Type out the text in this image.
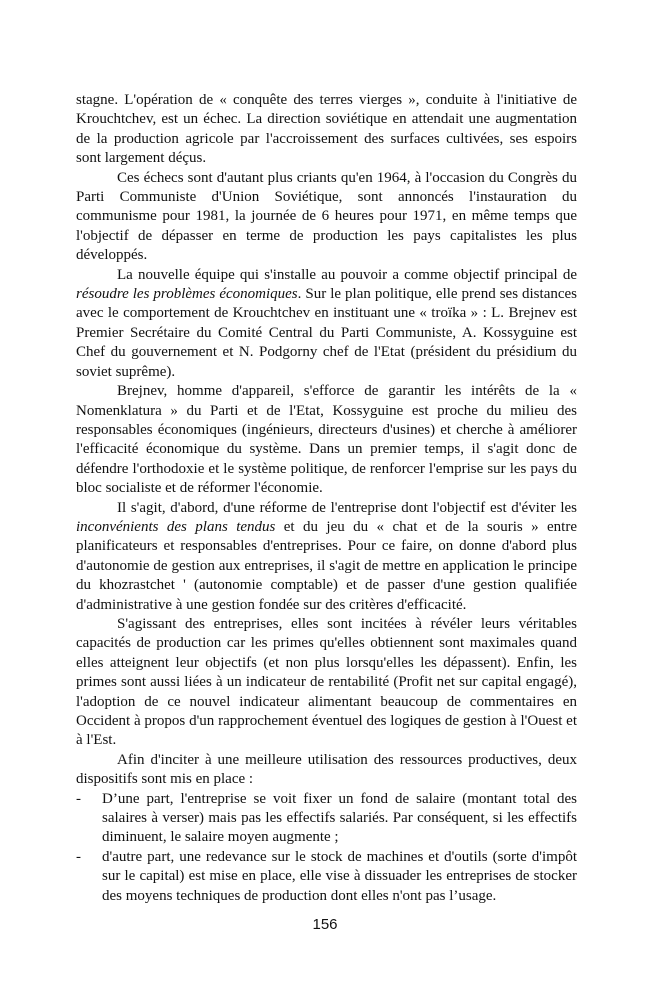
stagne. L'opération de « conquête des terres vierges », conduite à l'initiative de Krouchtchev, est un échec. La direction soviétique en attendait une augmentation de la production agricole par l'accroissement des surfaces cultivées, ses espoirs sont largement déçus.

Ces échecs sont d'autant plus criants qu'en 1964, à l'occasion du Congrès du Parti Communiste d'Union Soviétique, sont annoncés l'instauration du communisme pour 1981, la journée de 6 heures pour 1971, en même temps que l'objectif de dépasser en terme de production les pays capitalistes les plus développés.

La nouvelle équipe qui s'installe au pouvoir a comme objectif principal de résoudre les problèmes économiques. Sur le plan politique, elle prend ses distances avec le comportement de Krouchtchev en instituant une « troïka » : L. Brejnev est Premier Secrétaire du Comité Central du Parti Communiste, A. Kossyguine est Chef du gouvernement et N. Podgorny chef de l'Etat (président du présidium du soviet suprême).

Brejnev, homme d'appareil, s'efforce de garantir les intérêts de la « Nomenklatura » du Parti et de l'Etat, Kossyguine est proche du milieu des responsables économiques (ingénieurs, directeurs d'usines) et cherche à améliorer l'efficacité économique du système. Dans un premier temps, il s'agit donc de défendre l'orthodoxie et le système politique, de renforcer l'emprise sur les pays du bloc socialiste et de réformer l'économie.

Il s'agit, d'abord, d'une réforme de l'entreprise dont l'objectif est d'éviter les inconvénients des plans tendus et du jeu du « chat et de la souris » entre planificateurs et responsables d'entreprises. Pour ce faire, on donne d'abord plus d'autonomie de gestion aux entreprises, il s'agit de mettre en application le principe du khozrastchet ' (autonomie comptable) et de passer d'une gestion qualifiée d'administrative à une gestion fondée sur des critères d'efficacité.

S'agissant des entreprises, elles sont incitées à révéler leurs véritables capacités de production car les primes qu'elles obtiennent sont maximales quand elles atteignent leur objectifs (et non plus lorsqu'elles les dépassent). Enfin, les primes sont aussi liées à un indicateur de rentabilité (Profit net sur capital engagé), l'adoption de ce nouvel indicateur alimentant beaucoup de commentaires en Occident à propos d'un rapprochement éventuel des logiques de gestion à l'Ouest et à l'Est.

Afin d'inciter à une meilleure utilisation des ressources productives, deux dispositifs sont mis en place :

- D’une part, l'entreprise se voit fixer un fond de salaire (montant total des salaires à verser) mais pas les effectifs salariés. Par conséquent, si les effectifs diminuent, le salaire moyen augmente ;
- d'autre part, une redevance sur le stock de machines et d'outils (sorte d'impôt sur le capital) est mise en place, elle vise à dissuader les entreprises de stocker des moyens techniques de production dont elles n'ont pas l’usage.
156
